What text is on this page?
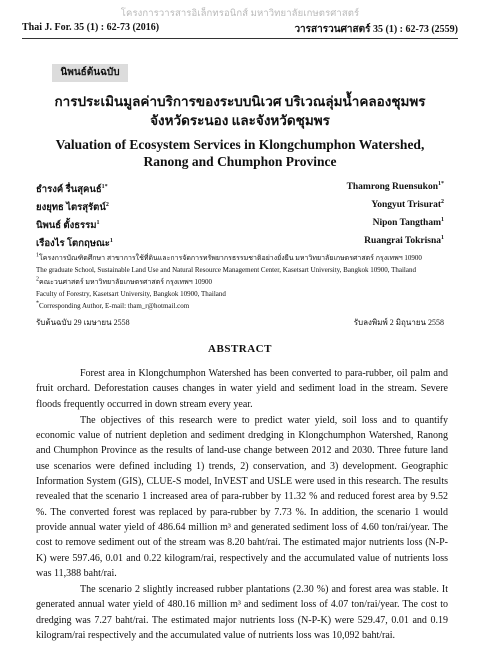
โครงการวารสารอิเล็กทรอนิกส์ มหาวิทยาลัยเกษตรศาสตร์
Thai J. For. 35 (1) : 62-73 (2016)	วารสารวนศาสตร์ 35 (1) : 62-73 (2559)
นิพนธ์ต้นฉบับ
การประเมินมูลค่าบริการของระบบนิเวศ บริเวณลุ่มน้ำคลองชุมพร
จังหวัดระนอง และจังหวัดชุมพร
Valuation of Ecosystem Services in Klongchumphon Watershed,
Ranong and Chumphon Province
ธำรงค์ รื่นสุคนธ์$^{1*}$	Thamrong Ruensukon$^{1*}$
ยงยุทธ ไตรสุรัตน์$^2$	Yongyut Trisurat$^2$
นิพนธ์ ตั้งธรรม$^1$	Nipon Tangtham$^1$
เรืองไร โตกฤษณะ$^1$	Ruangrai Tokrisna$^1$
$^1$โครงการบัณฑิตศึกษา สาขาการใช้ที่ดินและการจัดการทรัพยากรธรรมชาติอย่างยั่งยืน มหาวิทยาลัยเกษตรศาสตร์ กรุงเทพฯ 10900
The graduate School, Sustainable Land Use and Natural Resource Management Center, Kasetsart University, Bangkok 10900, Thailand
$^2$คณะวนศาสตร์ มหาวิทยาลัยเกษตรศาสตร์ กรุงเทพฯ 10900
Faculty of Forestry, Kasetsart University, Bangkok 10900, Thailand
*Corresponding Author, E-mail: tham_r@hotmail.com
รับต้นฉบับ 29 เมษายน 2558	รับลงพิมพ์ 2 มิถุนายน 2558
ABSTRACT

Forest area in Klongchumphon Watershed has been converted to para-rubber, oil palm and fruit orchard. Deforestation causes changes in water yield and sediment load in the stream. Severe floods frequently occurred in down stream every year.

The objectives of this research were to predict water yield, soil loss and to quantify economic value of nutrient depletion and sediment dredging in Klongchumphon Watershed, Ranong and Chumphon Province as the results of land-use change between 2012 and 2030. Three future land use scenarios were defined including 1) trends, 2) conservation, and 3) development. Geographic Information System (GIS), CLUE-S model, InVEST and USLE were used in this research. The results revealed that the scenario 1 increased area of para-rubber by 11.32 % and reduced forest area by 9.52 %. The converted forest was replaced by para-rubber by 7.73 %. In addition, the scenario 1 would provide annual water yield of 486.64 million m³ and generated sediment loss of 4.60 ton/rai/year. The cost to remove sediment out of the stream was 8.20 baht/rai. The estimated major nutrients loss (N-P-K) were 597.46, 0.01 and 0.22 kilogram/rai, respectively and the accumulated value of nutrients loss was 11,388 baht/rai.

The scenario 2 slightly increased rubber plantations (2.30 %) and forest area was stable. It generated annual water yield of 480.16 million m³ and sediment loss of 4.07 ton/rai/year. The cost to dredging was 7.27 baht/rai. The estimated major nutrients loss (N-P-K) were 529.47, 0.01 and 0.19 kilogram/rai respectively and the accumulated value of nutrients loss was 10,092 baht/rai.
